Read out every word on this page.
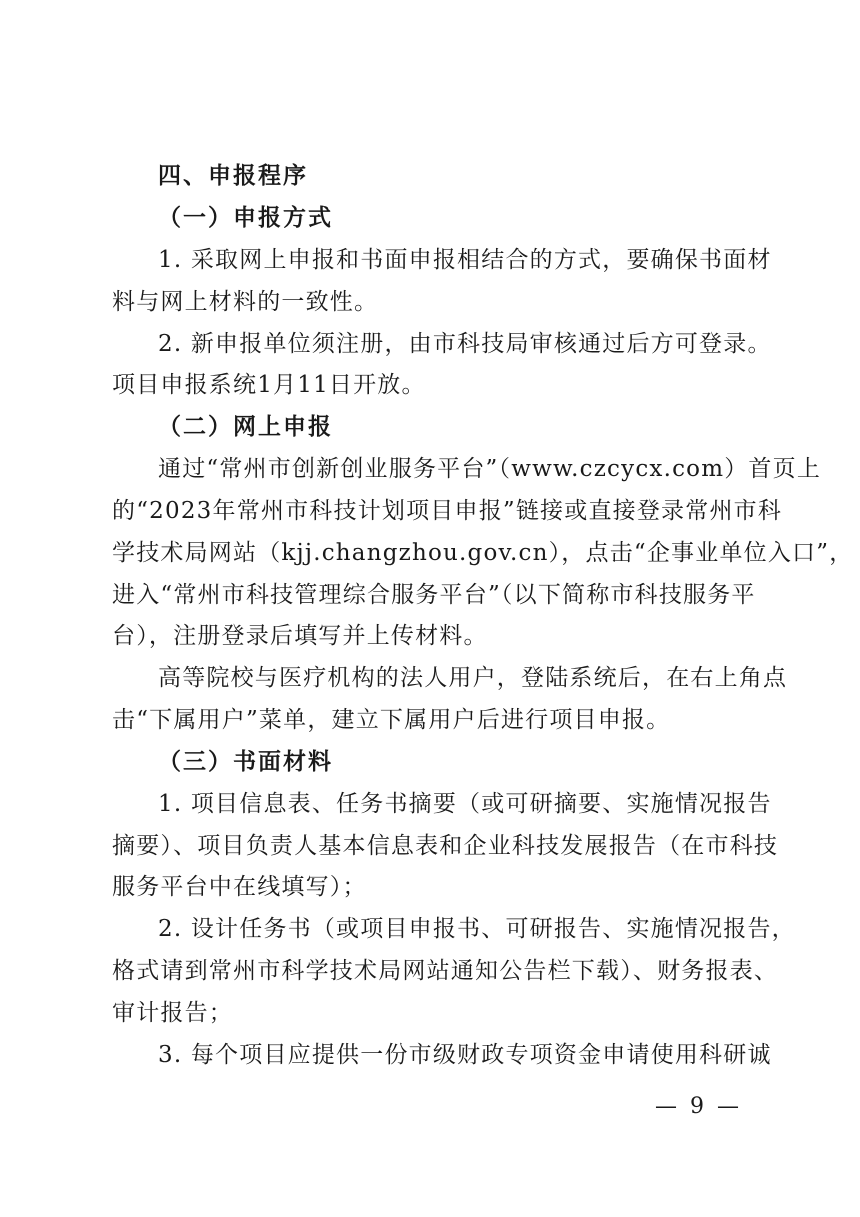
四、申报程序
（一）申报方式
1. 采取网上申报和书面申报相结合的方式，要确保书面材
料与网上材料的一致性。
2. 新申报单位须注册，由市科技局审核通过后方可登录。
项目申报系统1月11日开放。
（二）网上申报
通过“常州市创新创业服务平台”（www.czcycx.com）首页上
的“2023年常州市科技计划项目申报”链接或直接登录常州市科
学技术局网站（kjj.changzhou.gov.cn），点击“企事业单位入口”，
进入“常州市科技管理综合服务平台”（以下简称市科技服务平
台），注册登录后填写并上传材料。
高等院校与医疗机构的法人用户，登陆系统后，在右上角点
击“下属用户”菜单，建立下属用户后进行项目申报。
（三）书面材料
1. 项目信息表、任务书摘要（或可研摘要、实施情况报告
摘要）、项目负责人基本信息表和企业科技发展报告（在市科技
服务平台中在线填写）；
2. 设计任务书（或项目申报书、可研报告、实施情况报告，
格式请到常州市科学技术局网站通知公告栏下载）、财务报表、
审计报告；
3. 每个项目应提供一份市级财政专项资金申请使用科研诚
— 9 —
